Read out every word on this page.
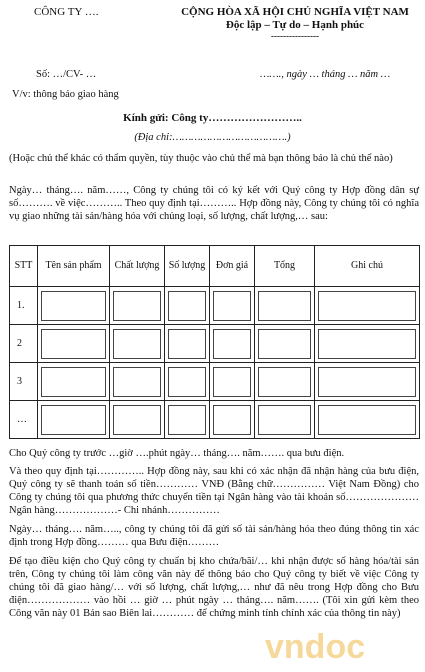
CÔNG TY ….	CỘNG HÒA XÃ HỘI CHỦ NGHĨA VIỆT NAM
Độc lập – Tự do – Hạnh phúc
----------------
Số: …/CV- …	……., ngày … tháng … năm …
V/v: thông báo giao hàng
Kính gửi: Công ty……………………..
(Địa chỉ:……………………………….)
(Hoặc chủ thể khác có thẩm quyền, tùy thuộc vào chủ thể mà bạn thông báo là chủ thể nào)
Ngày… tháng…. năm……, Công ty chúng tôi có ký kết với Quý công ty Hợp đồng dân sự số………. về việc……….. Theo quy định tại……….. Hợp đồng này, Công ty chúng tôi có nghĩa vụ giao những tài sản/hàng hóa với chủng loại, số lượng, chất lượng,… sau:
STT	Tên sản phẩm	Chất lượng	Số lượng	Đơn giá	Tổng	Ghi chú
1.	

2	

3	

…	

Cho Quý công ty trước …giờ ….phút ngày… tháng…. năm……. qua bưu điện.
Và theo quy định tại………….. Hợp đồng này, sau khi có xác nhận đã nhận hàng của bưu điện, Quý công ty sẽ thanh toán số tiền………… VNĐ (Bằng chữ…………… Việt Nam Đồng) cho Công ty chúng tôi qua phương thức chuyển tiền tại Ngân hàng vào tài khoản số………………… Ngân hàng………………- Chi nhánh……………
Ngày… tháng…. năm….., công ty chúng tôi đã gửi số tài sản/hàng hóa theo đúng thông tin xác định trong Hợp đồng……… qua Bưu điện………
Để tạo điều kiện cho Quý công ty chuẩn bị kho chứa/bãi/… khi nhận được số hàng hóa/tài sản trên, Công ty chúng tôi làm công văn này để thông báo cho Quý công ty biết về việc Công ty chúng tôi đã giao hàng/… với số lượng, chất lượng,… như đã nêu trong Hợp đồng cho Bưu điện……………… vào hồi … giờ … phút ngày … tháng…. năm……. (Tôi xin gửi kèm theo Công văn này 01 Bản sao Biên lai………… để chứng minh tính chính xác của thông tin này)
vndoc
